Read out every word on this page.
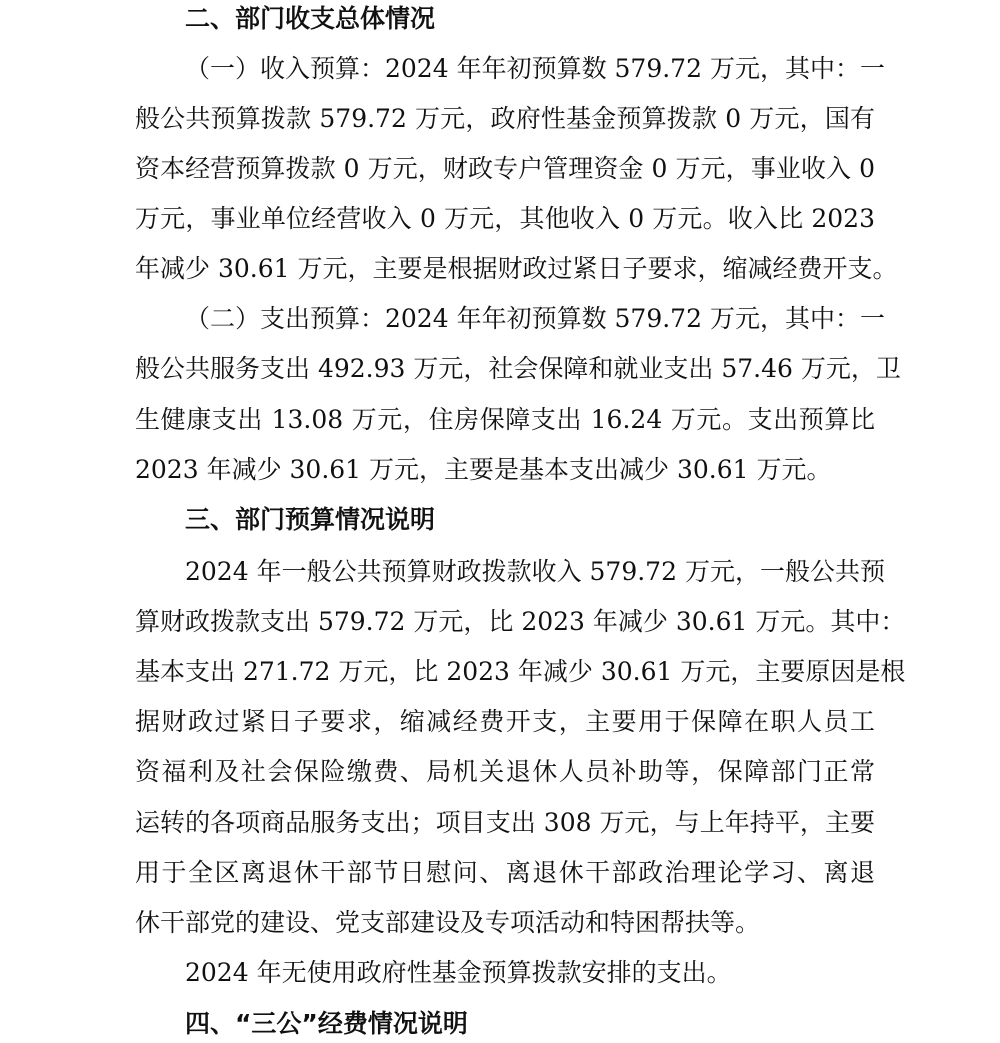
二、部门收支总体情况
（一）收入预算：2024 年年初预算数 579.72 万元，其中：一
般公共预算拨款 579.72 万元，政府性基金预算拨款 0 万元，国有
资本经营预算拨款 0 万元，财政专户管理资金 0 万元，事业收入 0
万元，事业单位经营收入 0 万元，其他收入 0 万元。收入比 2023
年减少 30.61 万元，主要是根据财政过紧日子要求，缩减经费开支。
（二）支出预算：2024 年年初预算数 579.72 万元，其中：一
般公共服务支出 492.93 万元，社会保障和就业支出 57.46 万元，卫
生健康支出 13.08 万元，住房保障支出 16.24 万元。支出预算比
2023 年减少 30.61 万元，主要是基本支出减少 30.61 万元。
三、部门预算情况说明
2024 年一般公共预算财政拨款收入 579.72 万元，一般公共预
算财政拨款支出 579.72 万元，比 2023 年减少 30.61 万元。其中：
基本支出 271.72 万元，比 2023 年减少 30.61 万元，主要原因是根
据财政过紧日子要求，缩减经费开支，主要用于保障在职人员工
资福利及社会保险缴费、局机关退休人员补助等，保障部门正常
运转的各项商品服务支出；项目支出 308 万元，与上年持平，主要
用于全区离退休干部节日慰问、离退休干部政治理论学习、离退
休干部党的建设、党支部建设及专项活动和特困帮扶等。
2024 年无使用政府性基金预算拨款安排的支出。
四、“三公”经费情况说明
